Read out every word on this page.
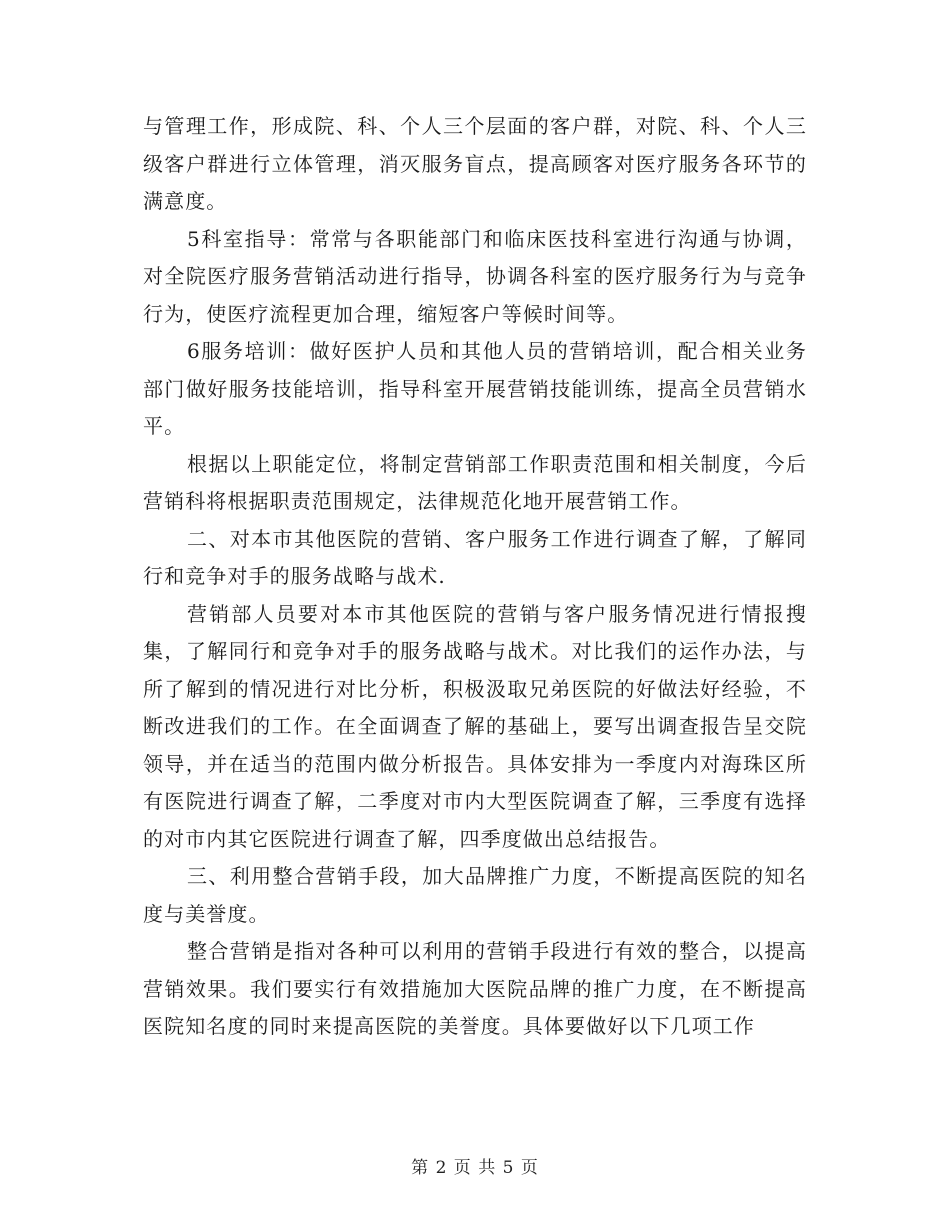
与管理工作，形成院、科、个人三个层面的客户群，对院、科、个人三级客户群进行立体管理，消灭服务盲点，提高顾客对医疗服务各环节的满意度。

5科室指导：常常与各职能部门和临床医技科室进行沟通与协调，对全院医疗服务营销活动进行指导，协调各科室的医疗服务行为与竞争行为，使医疗流程更加合理，缩短客户等候时间等。

6服务培训：做好医护人员和其他人员的营销培训，配合相关业务部门做好服务技能培训，指导科室开展营销技能训练，提高全员营销水平。

根据以上职能定位，将制定营销部工作职责范围和相关制度，今后营销科将根据职责范围规定，法律规范化地开展营销工作。

二、对本市其他医院的营销、客户服务工作进行调查了解，了解同行和竞争对手的服务战略与战术.

营销部人员要对本市其他医院的营销与客户服务情况进行情报搜集，了解同行和竞争对手的服务战略与战术。对比我们的运作办法，与所了解到的情况进行对比分析，积极汲取兄弟医院的好做法好经验，不断改进我们的工作。在全面调查了解的基础上，要写出调查报告呈交院领导，并在适当的范围内做分析报告。具体安排为一季度内对海珠区所有医院进行调查了解，二季度对市内大型医院调查了解，三季度有选择的对市内其它医院进行调查了解，四季度做出总结报告。

三、利用整合营销手段，加大品牌推广力度，不断提高医院的知名度与美誉度。

整合营销是指对各种可以利用的营销手段进行有效的整合，以提高营销效果。我们要实行有效措施加大医院品牌的推广力度，在不断提高医院知名度的同时来提高医院的美誉度。具体要做好以下几项工作

第 2 页 共 5 页
